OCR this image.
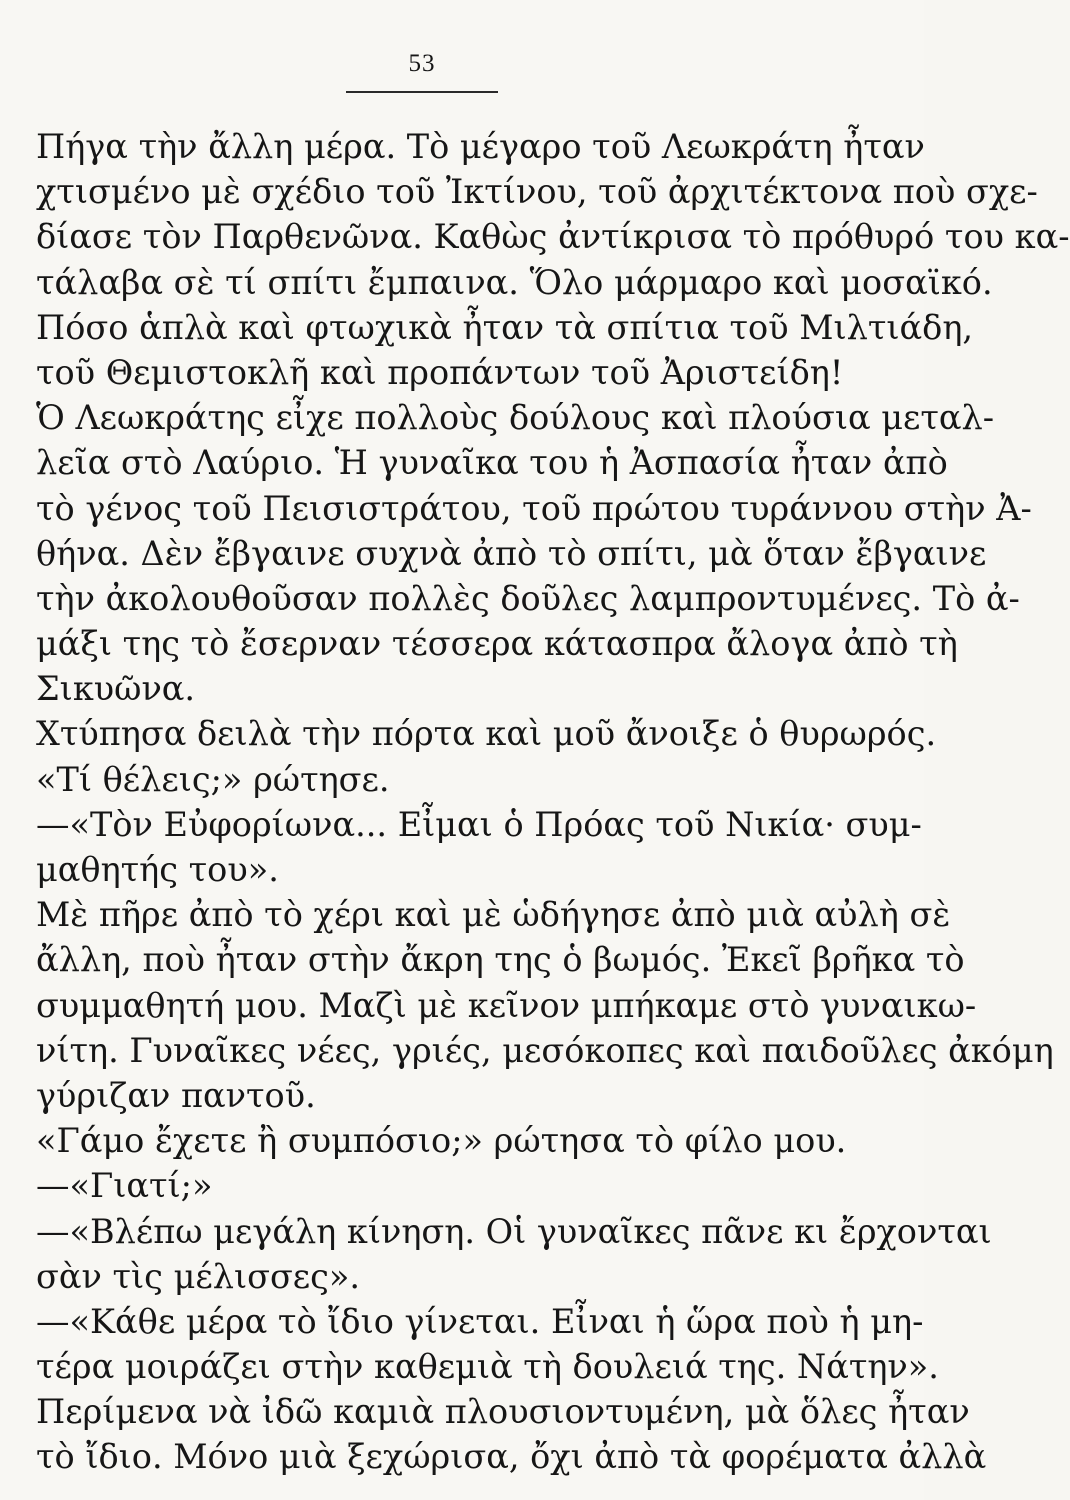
53
Πήγα τὴν ἄλλη μέρα. Τὸ μέγαρο τοῦ Λεωκράτη ἦταν
χτισμένο μὲ σχέδιο τοῦ Ἰκτίνου, τοῦ ἀρχιτέκτονα ποὺ σχε-
δίασε τὸν Παρθενῶνα. Καθὼς ἀντίκρισα τὸ πρόθυρό του κα-
τάλαβα σὲ τί σπίτι ἔμπαινα. Ὅλο μάρμαρο καὶ μοσαϊκό.
Πόσο ἁπλὰ καὶ φτωχικὰ ἦταν τὰ σπίτια τοῦ Μιλτιάδη,
τοῦ Θεμιστοκλῆ καὶ προπάντων τοῦ Ἀριστείδη!
Ὁ Λεωκράτης εἶχε πολλοὺς δούλους καὶ πλούσια μεταλ-
λεῖα στὸ Λαύριο. Ἡ γυναῖκα του ἡ Ἀσπασία ἦταν ἀπὸ
τὸ γένος τοῦ Πεισιστράτου, τοῦ πρώτου τυράννου στὴν Ἀ-
θήνα. Δὲν ἔβγαινε συχνὰ ἀπὸ τὸ σπίτι, μὰ ὅταν ἔβγαινε
τὴν ἀκολουθοῦσαν πολλὲς δοῦλες λαμπροντυμένες. Τὸ ἀ-
μάξι της τὸ ἔσερναν τέσσερα κάτασπρα ἄλογα ἀπὸ τὴ
Σικυῶνα.
Χτύπησα δειλὰ τὴν πόρτα καὶ μοῦ ἄνοιξε ὁ θυρωρός.
«Τί θέλεις;» ρώτησε.
—«Τὸν Εὐφορίωνα... Εἶμαι ὁ Πρόας τοῦ Νικία· συμ-
μαθητής του».
Μὲ πῆρε ἀπὸ τὸ χέρι καὶ μὲ ὡδήγησε ἀπὸ μιὰ αὐλὴ σὲ
ἄλλη, ποὺ ἦταν στὴν ἄκρη της ὁ βωμός. Ἐκεῖ βρῆκα τὸ
συμμαθητή μου. Μαζὶ μὲ κεῖνον μπήκαμε στὸ γυναικω-
νίτη. Γυναῖκες νέες, γριές, μεσόκοπες καὶ παιδοῦλες ἀκόμη
γύριζαν παντοῦ.
«Γάμο ἔχετε ἢ συμπόσιο;» ρώτησα τὸ φίλο μου.
—«Γιατί;»
—«Βλέπω μεγάλη κίνηση. Οἱ γυναῖκες πᾶνε κι ἔρχονται
σὰν τὶς μέλισσες».
—«Κάθε μέρα τὸ ἴδιο γίνεται. Εἶναι ἡ ὥρα ποὺ ἡ μη-
τέρα μοιράζει στὴν καθεμιὰ τὴ δουλειά της. Νάτην».
Περίμενα νὰ ἰδῶ καμιὰ πλουσιοντυμένη, μὰ ὅλες ἦταν
τὸ ἴδιο. Μόνο μιὰ ξεχώρισα, ὄχι ἀπὸ τὰ φορέματα ἀλλὰ
